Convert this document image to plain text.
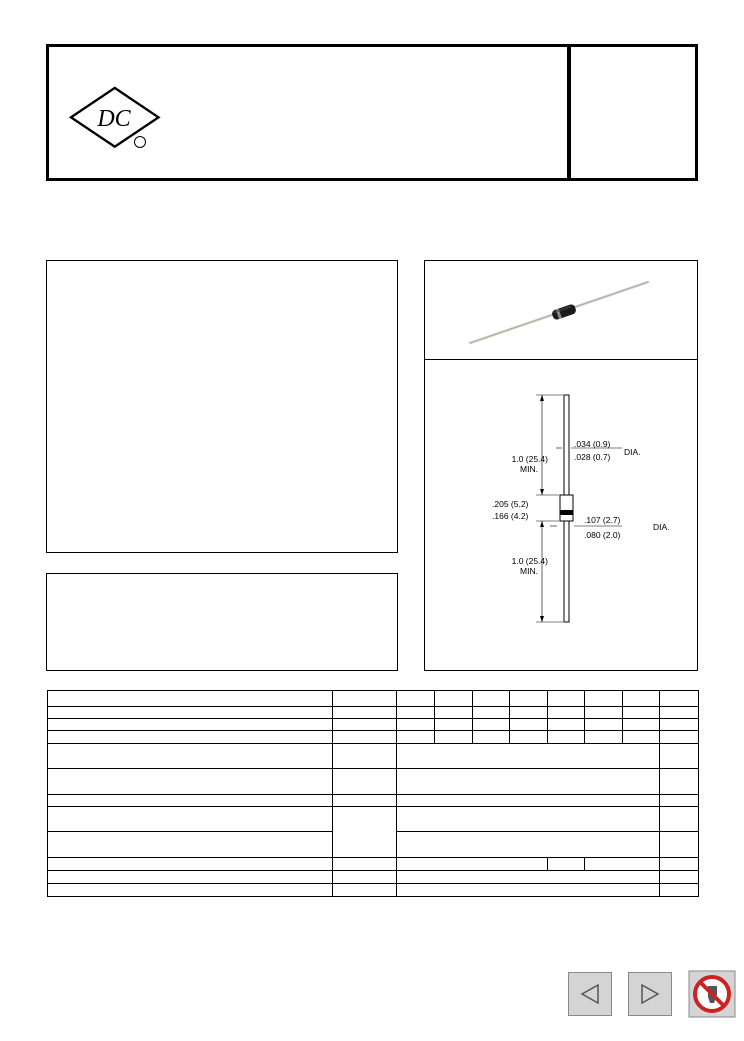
DC
1.0 (25.4)
MIN.
1.0 (25.4)
MIN.
.034 (0.9)
.028 (0.7) DIA.
.205 (5.2)
.166 (4.2)	.107 (2.7)
.080 (2.0)
DIA.
